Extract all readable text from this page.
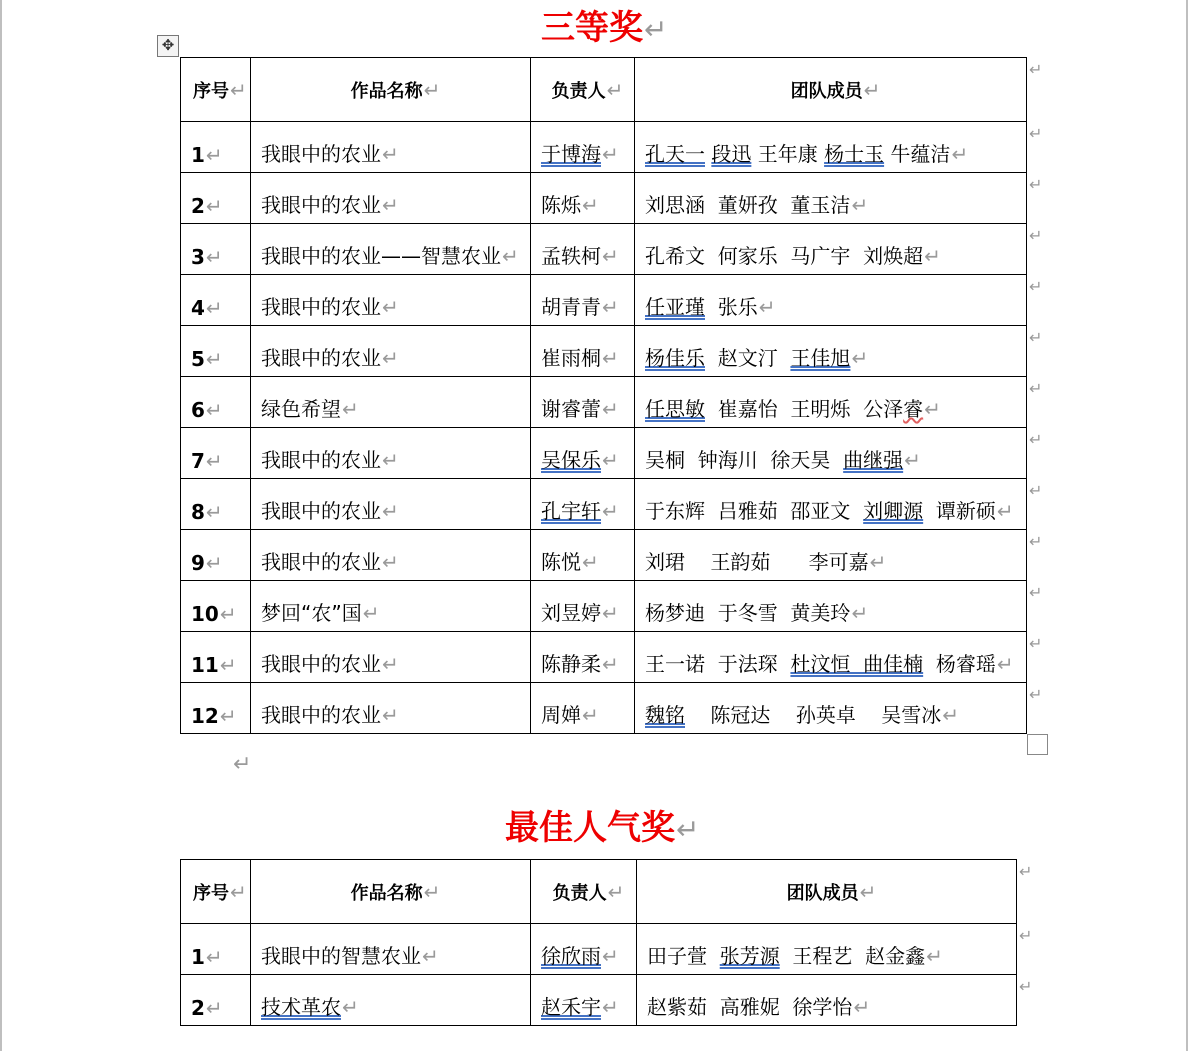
三等奖↵
✥
序号↵	作品名称↵	负责人↵	团队成员↵
1↵	我眼中的农业↵	于博海↵	孔天一 段迅 王年康 杨士玉 牛蕴洁↵
2↵	我眼中的农业↵	陈烁↵	刘思涵  董妍孜  董玉洁↵
3↵	我眼中的农业——智慧农业↵	孟轶柯↵	孔希文  何家乐  马广宇  刘焕超↵
4↵	我眼中的农业↵	胡青青↵	任亚瑾  张乐↵
5↵	我眼中的农业↵	崔雨桐↵	杨佳乐  赵文汀  王佳旭↵
6↵	绿色希望↵	谢睿蕾↵	任思敏  崔嘉怡  王明烁  公泽睿↵
7↵	我眼中的农业↵	吴保乐↵	吴桐  钟海川  徐天昊  曲继强↵
8↵	我眼中的农业↵	孔宇轩↵	于东辉  吕雅茹  邵亚文  刘卿源  谭新硕↵
9↵	我眼中的农业↵	陈悦↵	刘珺    王韵茹      李可嘉↵
10↵	梦回“农”国↵	刘昱婷↵	杨梦迪  于冬雪  黄美玲↵
11↵	我眼中的农业↵	陈静柔↵	王一诺  于法琛  杜汶恒  曲佳楠  杨睿瑶↵
12↵	我眼中的农业↵	周婵↵	魏铭    陈冠达    孙英卓    吴雪冰↵
↵
↵
↵
↵
↵
↵
↵
↵
↵
↵
↵
↵
↵
↵
最佳人气奖↵
序号↵	作品名称↵	负责人↵	团队成员↵
1↵	我眼中的智慧农业↵	徐欣雨↵	田子萱  张芳源  王程艺  赵金鑫↵
2↵	技术革农↵	赵禾宇↵	赵紫茹  高雅妮  徐学怡↵
↵
↵
↵
